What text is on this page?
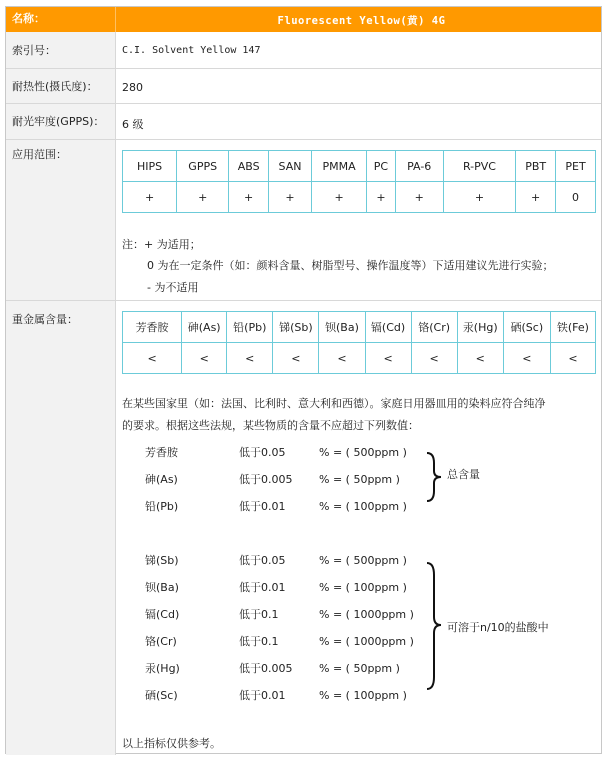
名称：	Fluorescent Yellow(黄) 4G
索引号：	C.I. Solvent Yellow 147
耐热性(摄氏度)：	280
耐光牢度(GPPS)：	6 级
应用范围：
HIPS	GPPS	ABS	SAN	PMMA	PC	PA-6	R-PVC	PBT	PET
+	+	+	+	+	+	+	+	+	0
注：+ 为适用；
0 为在一定条件（如：颜料含量、树脂型号、操作温度等）下适用建议先进行实验；
- 为不适用
重金属含量：
芳香胺	砷(As)	铅(Pb)	锑(Sb)	钡(Ba)	镉(Cd)	铬(Cr)	汞(Hg)	硒(Sc)	铁(Fe)
<	<	<	<	<	<	<	<	<	<
在某些国家里（如：法国、比利时、意大利和西德）。家庭日用器皿用的染料应符合纯净
的要求。根据这些法规，某些物质的含量不应超过下列数值：
芳香胺	低于0.05	% = ( 500ppm )
砷(As)	低于0.005 % = ( 50ppm )
铅(Pb)	低于0.01	% = ( 100ppm )
总含量
锑(Sb)	低于0.05	% = ( 500ppm )
钡(Ba)	低于0.01	% = ( 100ppm )
镉(Cd)	低于0.1	% = ( 1000ppm )
铬(Cr)	低于0.1	% = ( 1000ppm )
汞(Hg)	低于0.005 % = ( 50ppm )
硒(Sc)	低于0.01	% = ( 100ppm )
可溶于n/10的盐酸中
以上指标仅供参考。
